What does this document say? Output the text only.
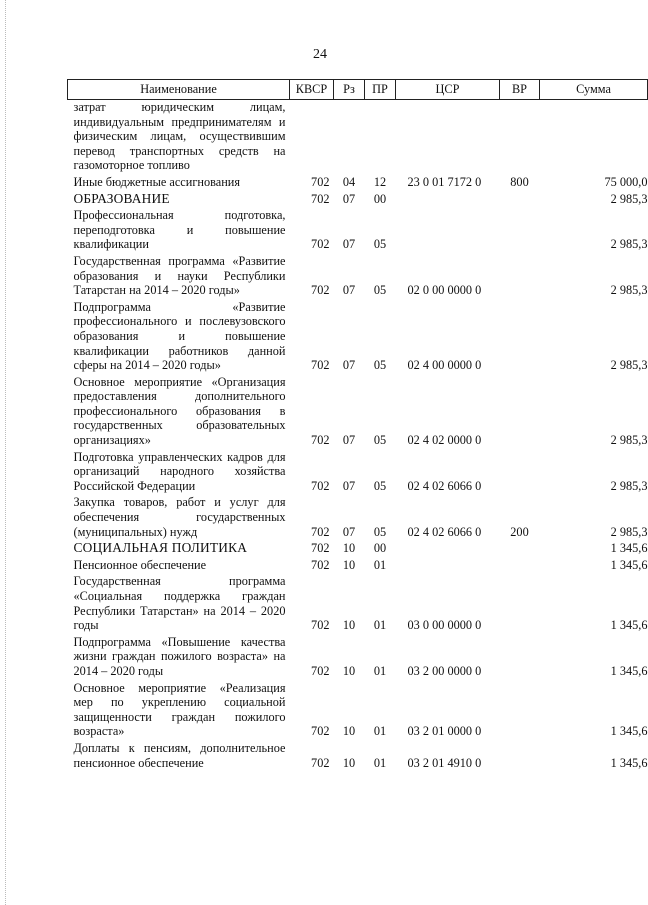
24
Наименование	КВСР	Рз	ПР	ЦСР	ВР	Сумма
затрат юридическим лицам, индивидуальным предпринимателям и физическим лицам, осуществившим перевод транспортных средств на газомоторное топливо						
Иные бюджетные ассигнования	702	04	12	23 0 01 7172 0	800	75 000,0
ОБРАЗОВАНИЕ	702	07	00			2 985,3
Профессиональная подготовка, переподготовка и повышение квалификации	702	07	05			2 985,3
Государственная программа «Развитие образования и науки Республики Татарстан на 2014 – 2020 годы»	702	07	05	02 0 00 0000 0		2 985,3
Подпрограмма «Развитие профессионального и послевузовского образования и повышение квалификации работников данной сферы на 2014 – 2020 годы»	702	07	05	02 4 00 0000 0		2 985,3
Основное мероприятие «Организация предоставления дополнительного профессионального образования в государственных образовательных организациях»	702	07	05	02 4 02 0000 0		2 985,3
Подготовка управленческих кадров для организаций народного хозяйства Российской Федерации	702	07	05	02 4 02 6066 0		2 985,3
Закупка товаров, работ и услуг для обеспечения государственных (муниципальных) нужд	702	07	05	02 4 02 6066 0	200	2 985,3
СОЦИАЛЬНАЯ ПОЛИТИКА	702	10	00			1 345,6
Пенсионное обеспечение	702	10	01			1 345,6
Государственная программа «Социальная поддержка граждан Республики Татарстан» на 2014 – 2020 годы	702	10	01	03 0 00 0000 0		1 345,6
Подпрограмма «Повышение качества жизни граждан пожилого возраста» на 2014 – 2020 годы	702	10	01	03 2 00 0000 0		1 345,6
Основное мероприятие «Реализация мер по укреплению социальной защищенности граждан пожилого возраста»	702	10	01	03 2 01 0000 0		1 345,6
Доплаты к пенсиям, дополнительное пенсионное обеспечение	702	10	01	03 2 01 4910 0		1 345,6
